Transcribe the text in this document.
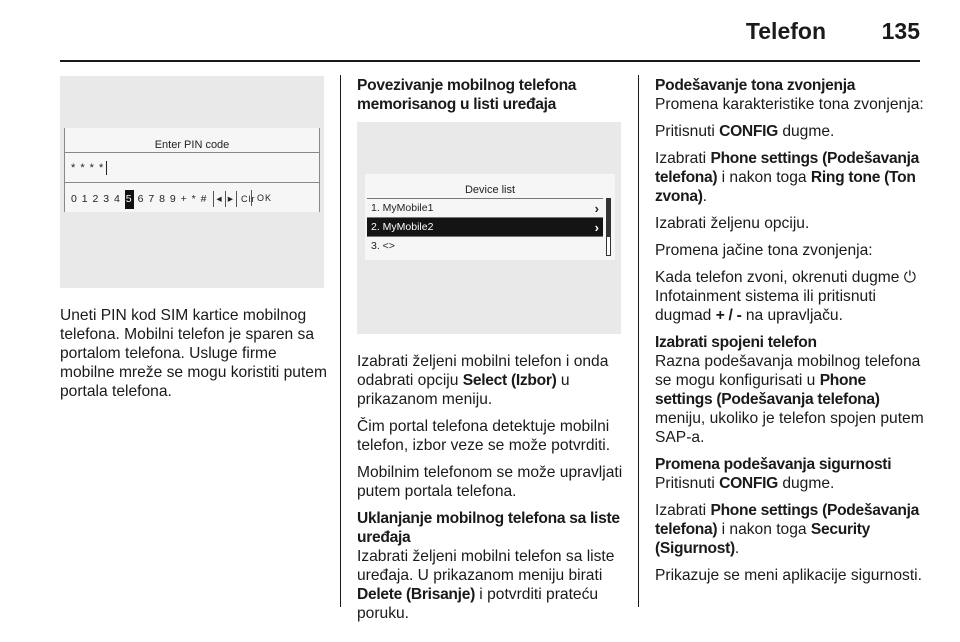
Telefon 135
Enter PIN code
* * * *
0 1 2 3 4 5 6 7 8 9 + * # ◂ ▸ Clr OK

Uneti PIN kod SIM kartice mobilnog telefona. Mobilni telefon je sparen sa portalom telefona. Usluge firme mobilne mreže se mogu koristiti putem portala telefona.

Povezivanje mobilnog telefona memorisanog u listi uređaja
Device list
1. MyMobile1	›
2. MyMobile2	›
3. <>

Izabrati željeni mobilni telefon i onda odabrati opciju Select (Izbor) u prikazanom meniju.

Čim portal telefona detektuje mobilni telefon, izbor veze se može potvrditi.

Mobilnim telefonom se može upravljati putem portala telefona.

Uklanjanje mobilnog telefona sa liste uređaja

Izabrati željeni mobilni telefon sa liste uređaja. U prikazanom meniju birati Delete (Brisanje) i potvrditi prateću poruku.

Podešavanje tona zvonjenja

Promena karakteristike tona zvonjenja:

Pritisnuti CONFIG dugme.

Izabrati Phone settings (Podešavanja telefona) i nakon toga Ring tone (Ton zvona).

Izabrati željenu opciju.

Promena jačine tona zvonjenja:

Kada telefon zvoni, okrenuti dugme ⏻ Infotainment sistema ili pritisnuti dugmad + / - na upravljaču.

Izabrati spojeni telefon

Razna podešavanja mobilnog telefona se mogu konfigurisati u Phone settings (Podešavanja telefona) meniju, ukoliko je telefon spojen putem SAP-a.

Promena podešavanja sigurnosti

Pritisnuti CONFIG dugme.

Izabrati Phone settings (Podešavanja telefona) i nakon toga Security (Sigurnost).

Prikazuje se meni aplikacije sigurnosti.
